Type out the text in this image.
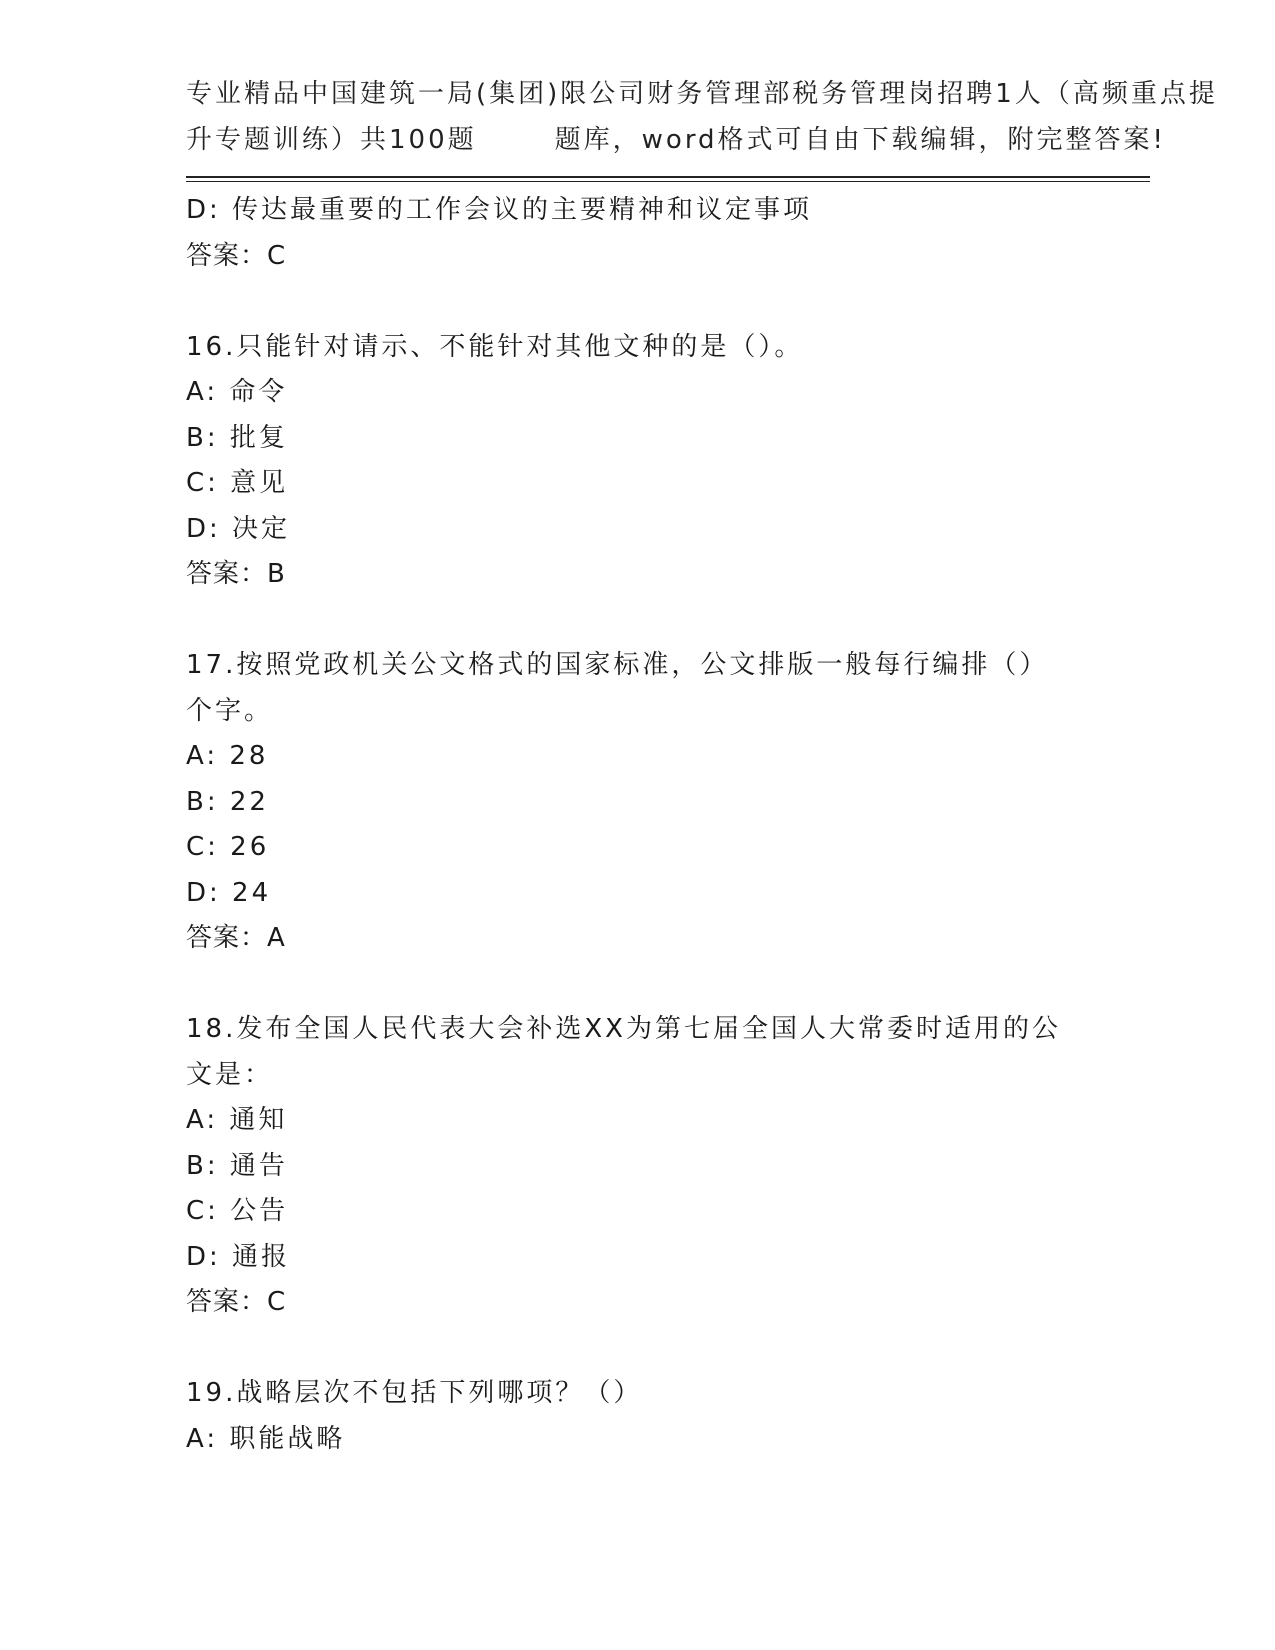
专业精品中国建筑一局(集团)限公司财务管理部税务管理岗招聘1人（高频重点提
升专题训练）共100题	题库，word格式可自由下载编辑，附完整答案!
D: 传达最重要的工作会议的主要精神和议定事项
答案：C
16.只能针对请示、不能针对其他文种的是（）。
A: 命令
B: 批复
C: 意见
D: 决定
答案：B
17.按照党政机关公文格式的国家标准，公文排版一般每行编排（）个字。
A: 28
B: 22
C: 26
D: 24
答案：A
18.发布全国人民代表大会补选XX为第七届全国人大常委时适用的公文是：
A: 通知
B: 通告
C: 公告
D: 通报
答案：C
19.战略层次不包括下列哪项？（）
A: 职能战略
